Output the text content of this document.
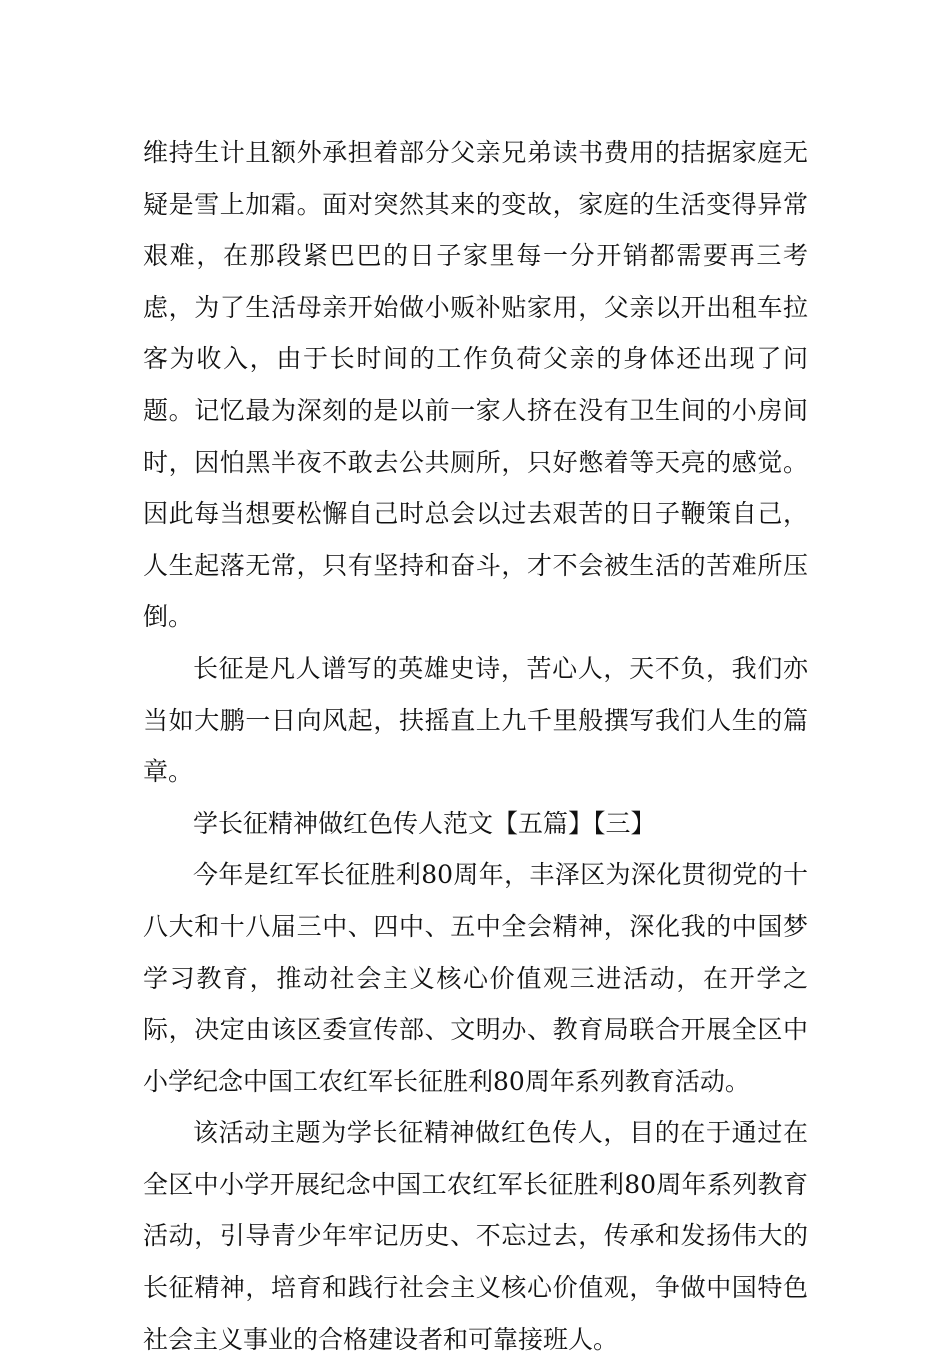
维持生计且额外承担着部分父亲兄弟读书费用的拮据家庭无疑是雪上加霜。面对突然其来的变故，家庭的生活变得异常艰难，在那段紧巴巴的日子家里每一分开销都需要再三考虑，为了生活母亲开始做小贩补贴家用，父亲以开出租车拉客为收入，由于长时间的工作负荷父亲的身体还出现了问题。记忆最为深刻的是以前一家人挤在没有卫生间的小房间时，因怕黑半夜不敢去公共厕所，只好憋着等天亮的感觉。因此每当想要松懈自己时总会以过去艰苦的日子鞭策自己，人生起落无常，只有坚持和奋斗，才不会被生活的苦难所压倒。

长征是凡人谱写的英雄史诗，苦心人，天不负，我们亦当如大鹏一日向风起，扶摇直上九千里般撰写我们人生的篇章。

学长征精神做红色传人范文【五篇】【三】

今年是红军长征胜利80周年，丰泽区为深化贯彻党的十八大和十八届三中、四中、五中全会精神，深化我的中国梦学习教育，推动社会主义核心价值观三进活动，在开学之际，决定由该区委宣传部、文明办、教育局联合开展全区中小学纪念中国工农红军长征胜利80周年系列教育活动。

该活动主题为学长征精神做红色传人，目的在于通过在全区中小学开展纪念中国工农红军长征胜利80周年系列教育活动，引导青少年牢记历史、不忘过去，传承和发扬伟大的长征精神，培育和践行社会主义核心价值观，争做中国特色社会主义事业的合格建设者和可靠接班人。
